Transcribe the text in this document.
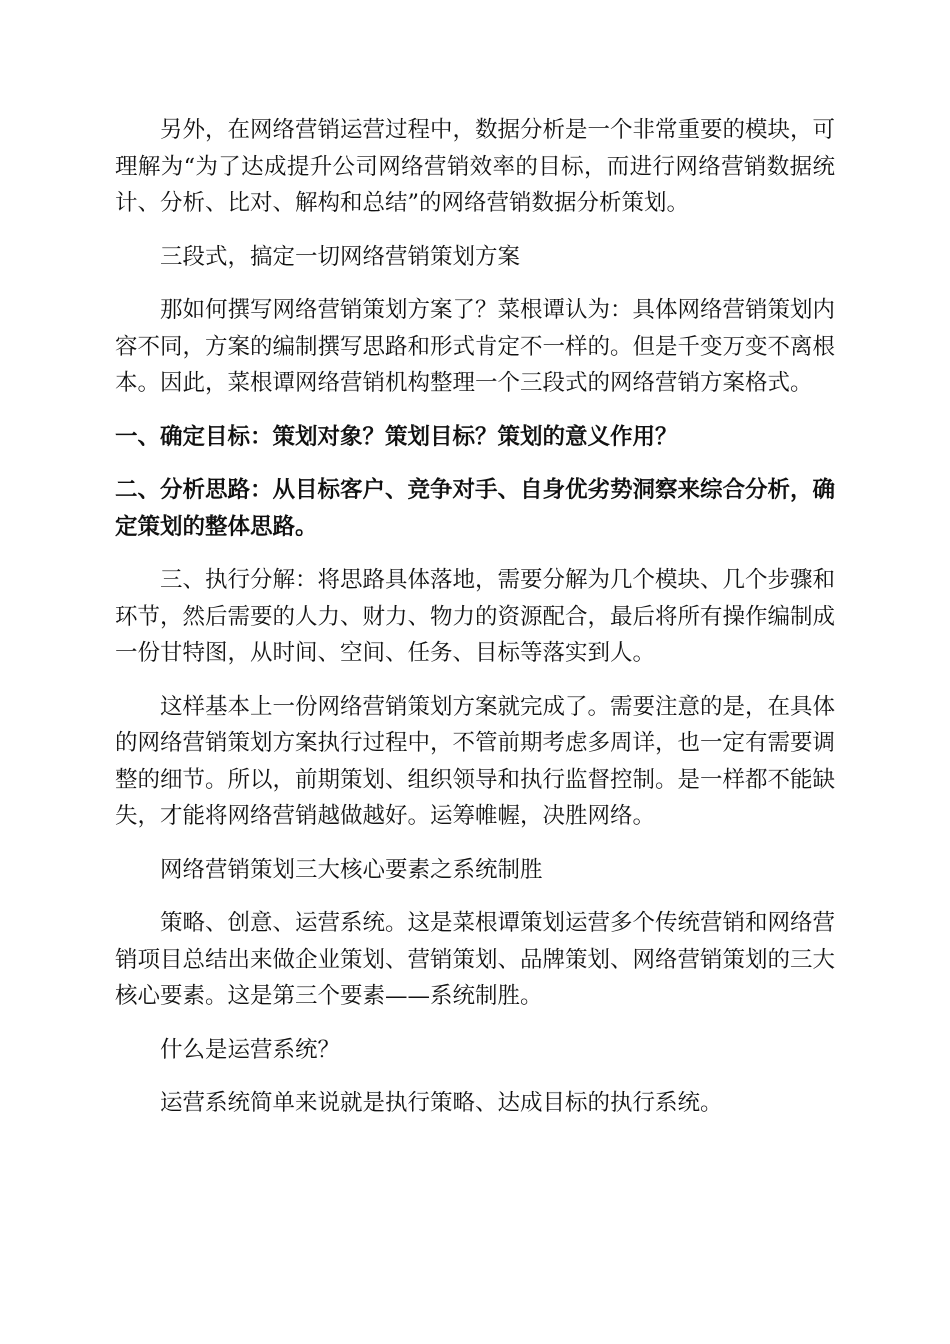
另外，在网络营销运营过程中，数据分析是一个非常重要的模块，可理解为“为了达成提升公司网络营销效率的目标，而进行网络营销数据统计、分析、比对、解构和总结”的网络营销数据分析策划。

三段式，搞定一切网络营销策划方案

那如何撰写网络营销策划方案了？菜根谭认为：具体网络营销策划内容不同，方案的编制撰写思路和形式肯定不一样的。但是千变万变不离根本。因此，菜根谭网络营销机构整理一个三段式的网络营销方案格式。

一、确定目标：策划对象？策划目标？策划的意义作用？

二、分析思路：从目标客户、竞争对手、自身优劣势洞察来综合分析，确定策划的整体思路。

三、执行分解：将思路具体落地，需要分解为几个模块、几个步骤和环节，然后需要的人力、财力、物力的资源配合，最后将所有操作编制成一份甘特图，从时间、空间、任务、目标等落实到人。

这样基本上一份网络营销策划方案就完成了。需要注意的是，在具体的网络营销策划方案执行过程中，不管前期考虑多周详，也一定有需要调整的细节。所以，前期策划、组织领导和执行监督控制。是一样都不能缺失，才能将网络营销越做越好。运筹帷幄，决胜网络。

网络营销策划三大核心要素之系统制胜

策略、创意、运营系统。这是菜根谭策划运营多个传统营销和网络营销项目总结出来做企业策划、营销策划、品牌策划、网络营销策划的三大核心要素。这是第三个要素——系统制胜。

什么是运营系统？

运营系统简单来说就是执行策略、达成目标的执行系统。
